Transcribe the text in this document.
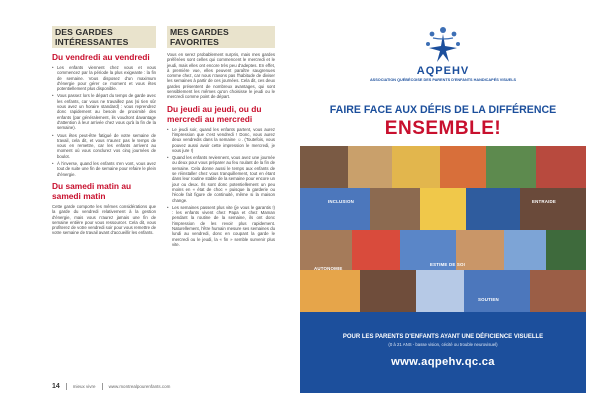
DES GARDES INTÉRESSANTES
Du vendredi au vendredi
• Les enfants viennent chez vous et vous commencez par la période la plus exigeante : la fin de semaine. Vous disposez d'un maximum d'énergie pour gérer ce moment et vous êtes potentiellement plus disponible.
• Vous passez lors le départ du temps de garde avec les enfants, car vous ne travaillez pas (si tien sûr vous avez un horaire standard) : vous reprendrez donc rapidement au besoin de proximité des enfants (par généralement, ils voudront davantage d'attention à leur arrivée chez vous qu'à la fin de la semaine).
• Vous êtes peut-être fatigué de votre semaine de travail, cela dit, et vous n'aurez pas le temps de vous en remettre, car les enfants arrivent au moment où vous conclurez vos cinq journées de boulot.
• À l'inverse, quand les enfants s'en vont, vous avez tout de suite une fin de semaine pour refaire le plein d'énergie.
Du samedi matin au samedi matin

Cette garde comporte les mêmes considérations que la garde du vendredi relativement à la gestion d'énergie, mais vous n'aurez jamais une fin de semaine entière pour vous ressourcer. Cela dit, vous profiterez de votre vendredi soir pour vous remettre de votre semaine de travail avant d'accueillir les enfants.

MES GARDES FAVORITES

Vous en serez probablement surpris, mais mes gardes préférées sont celles qui commencent le mercredi et le jeudi, mais elles ont encore très peu d'adeptes. En effet, à première vue, elles peuvent paraître saugrenues comme chez, car nous n'avons pas l'habitude de diviser les semaines à partir de ces journées. Cela dit, ces deux gardes présentent de nombreux avantages, qui sont sensiblement les mêmes qu'on choisisse le jeudi ou le mercredi comme point de départ.

Du jeudi au jeudi, ou du mercredi au mercredi
• Le jeudi soir, quand les enfants partent, vous aurez l'impression que c'est vendredi ! Donc, vous aurez deux vendredis dans la semaine ☺. (Toutefois, vous pouvez aussi avoir cette impression le mercredi, je vous jure !)
• Quand les enfants reviennent, vous avez une journée ou deux pour vous préparer au feu roulant de la fin de semaine. Cela donne aussi le temps aux enfants de se réinstaller chez vous tranquillement, tout en étant dans leur routine stable de la semaine pour encore un jour ou deux. Ils sont donc potentiellement un peu moins en « état de choc » puisque la garderie ou l'école fait figure de continuité, même si la maison change.
• Les semaines passent plus vite (je vous le garantis !) : les enfants vivent chez Papa et chez Maman pendant la routine de la semaine, ils ont donc l'impression de les revoir plus rapidement. Naturellement, l'être humain mesure ses semaines du lundi au vendredi, donc en coupant la garde le mercredi ou le jeudi, la « fin » semble survenir plus vite.
14	mieux vivre	www.montrealpourenfants.com
AQPEHV
ASSOCIATION QUÉBÉCOISE DES PARENTS D'ENFANTS HANDICAPÉS VISUELS
FAIRE FACE AUX DÉFIS DE LA DIFFÉRENCE
ENSEMBLE!
INCLUSION	ENTRAIDE
ESTIME DE SOI
AUTONOMIE
SOUTIEN
POUR LES PARENTS D'ENFANTS AYANT UNE DÉFICIENCE VISUELLE
(0 à 21 ANS - basse vision, cécité ou trouble neurovisuel)
www.aqpehv.qc.ca
